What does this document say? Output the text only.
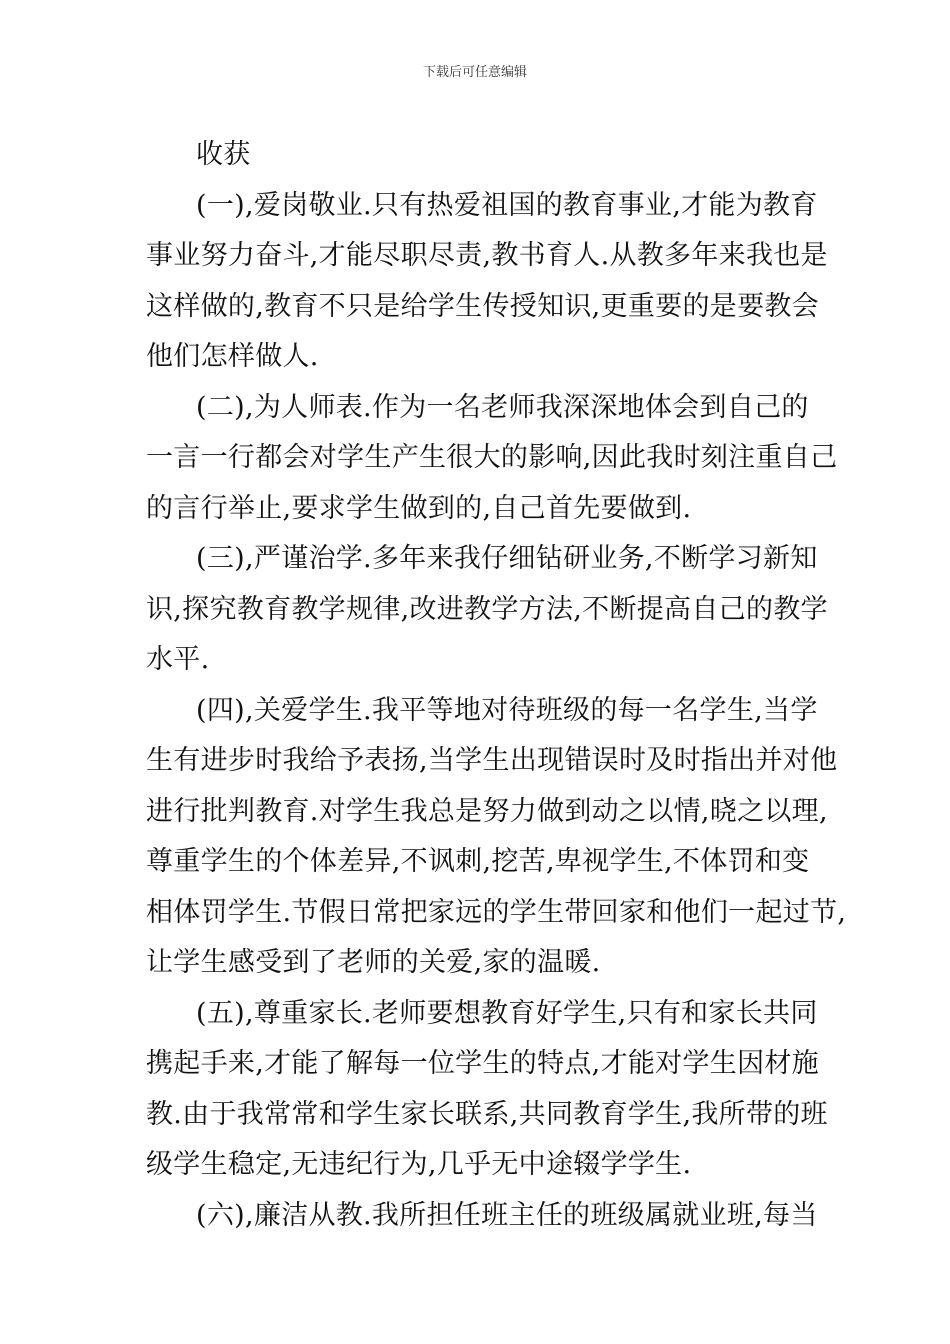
下载后可任意编辑
收获
(一),爱岗敬业.只有热爱祖国的教育事业,才能为教育
事业努力奋斗,才能尽职尽责,教书育人.从教多年来我也是
这样做的,教育不只是给学生传授知识,更重要的是要教会
他们怎样做人.
(二),为人师表.作为一名老师我深深地体会到自己的
一言一行都会对学生产生很大的影响,因此我时刻注重自己
的言行举止,要求学生做到的,自己首先要做到.
(三),严谨治学.多年来我仔细钻研业务,不断学习新知
识,探究教育教学规律,改进教学方法,不断提高自己的教学
水平.
(四),关爱学生.我平等地对待班级的每一名学生,当学
生有进步时我给予表扬,当学生出现错误时及时指出并对他
进行批判教育.对学生我总是努力做到动之以情,晓之以理,
尊重学生的个体差异,不讽刺,挖苦,卑视学生,不体罚和变
相体罚学生.节假日常把家远的学生带回家和他们一起过节,
让学生感受到了老师的关爱,家的温暖.
(五),尊重家长.老师要想教育好学生,只有和家长共同
携起手来,才能了解每一位学生的特点,才能对学生因材施
教.由于我常常和学生家长联系,共同教育学生,我所带的班
级学生稳定,无违纪行为,几乎无中途辍学学生.
(六),廉洁从教.我所担任班主任的班级属就业班,每当
